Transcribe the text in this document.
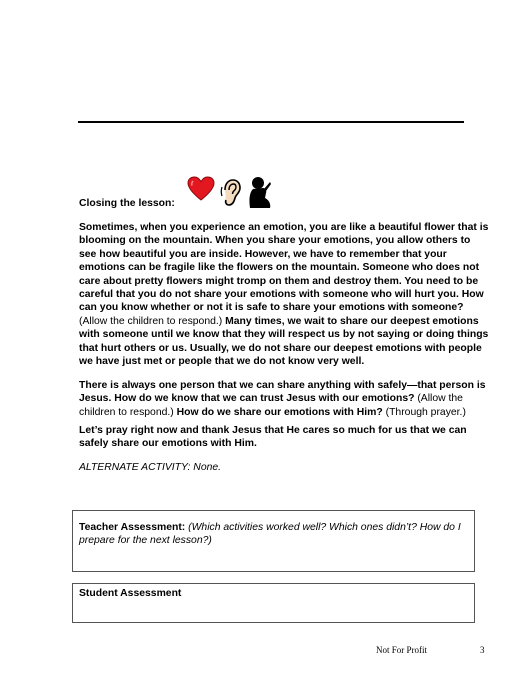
Closing the lesson:
Sometimes, when you experience an emotion, you are like a beautiful flower that is blooming on the mountain. When you share your emotions, you allow others to see how beautiful you are inside. However, we have to remember that your emotions can be fragile like the flowers on the mountain. Someone who does not care about pretty flowers might tromp on them and destroy them. You need to be careful that you do not share your emotions with someone who will hurt you. How can you know whether or not it is safe to share your emotions with someone? (Allow the children to respond.) Many times, we wait to share our deepest emotions with someone until we know that they will respect us by not saying or doing things that hurt others or us. Usually, we do not share our deepest emotions with people we have just met or people that we do not know very well.
There is always one person that we can share anything with safely—that person is Jesus. How do we know that we can trust Jesus with our emotions? (Allow the children to respond.) How do we share our emotions with Him? (Through prayer.)
Let’s pray right now and thank Jesus that He cares so much for us that we can safely share our emotions with Him.
ALTERNATE ACTIVITY: None.
Teacher Assessment: (Which activities worked well? Which ones didn’t? How do I prepare for the next lesson?)
Student Assessment
Not For Profit	3
